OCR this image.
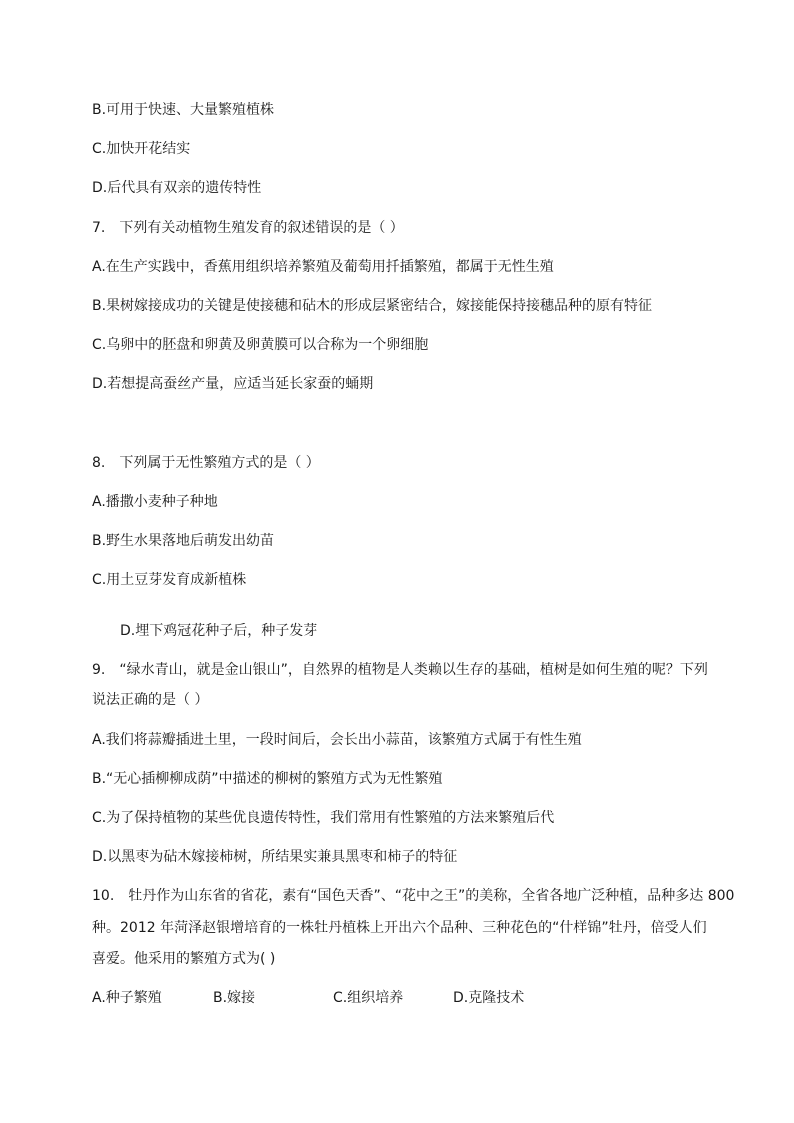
B.可用于快速、大量繁殖植株
C.加快开花结实
D.后代具有双亲的遗传特性
7. 下列有关动植物生殖发育的叙述错误的是（ ）
A.在生产实践中，香蕉用组织培养繁殖及葡萄用扦插繁殖，都属于无性生殖
B.果树嫁接成功的关键是使接穗和砧木的形成层紧密结合，嫁接能保持接穗品种的原有特征
C.乌卵中的胚盘和卵黄及卵黄膜可以合称为一个卵细胞
D.若想提高蚕丝产量，应适当延长家蚕的蛹期
8. 下列属于无性繁殖方式的是（ ）
A.播撒小麦种子种地
B.野生水果落地后萌发出幼苗
C.用土豆芽发育成新植株
D.埋下鸡冠花种子后，种子发芽
9. “绿水青山，就是金山银山”，自然界的植物是人类赖以生存的基础，植树是如何生殖的呢？下列
说法正确的是（ ）
A.我们将蒜瓣插进土里，一段时间后，会长出小蒜苗，该繁殖方式属于有性生殖
B.“无心插柳柳成荫”中描述的柳树的繁殖方式为无性繁殖
C.为了保持植物的某些优良遗传特性，我们常用有性繁殖的方法来繁殖后代
D.以黑枣为砧木嫁接柿树，所结果实兼具黑枣和柿子的特征
10. 牡丹作为山东省的省花，素有“国色天香”、“花中之王”的美称，全省各地广泛种植，品种多达 800
种。2012 年菏泽赵银增培育的一株牡丹植株上开出六个品种、三种花色的“什样锦”牡丹，倍受人们
喜爱。他采用的繁殖方式为( )
A.种子繁殖	B.嫁接	C.组织培养	D.克隆技术
